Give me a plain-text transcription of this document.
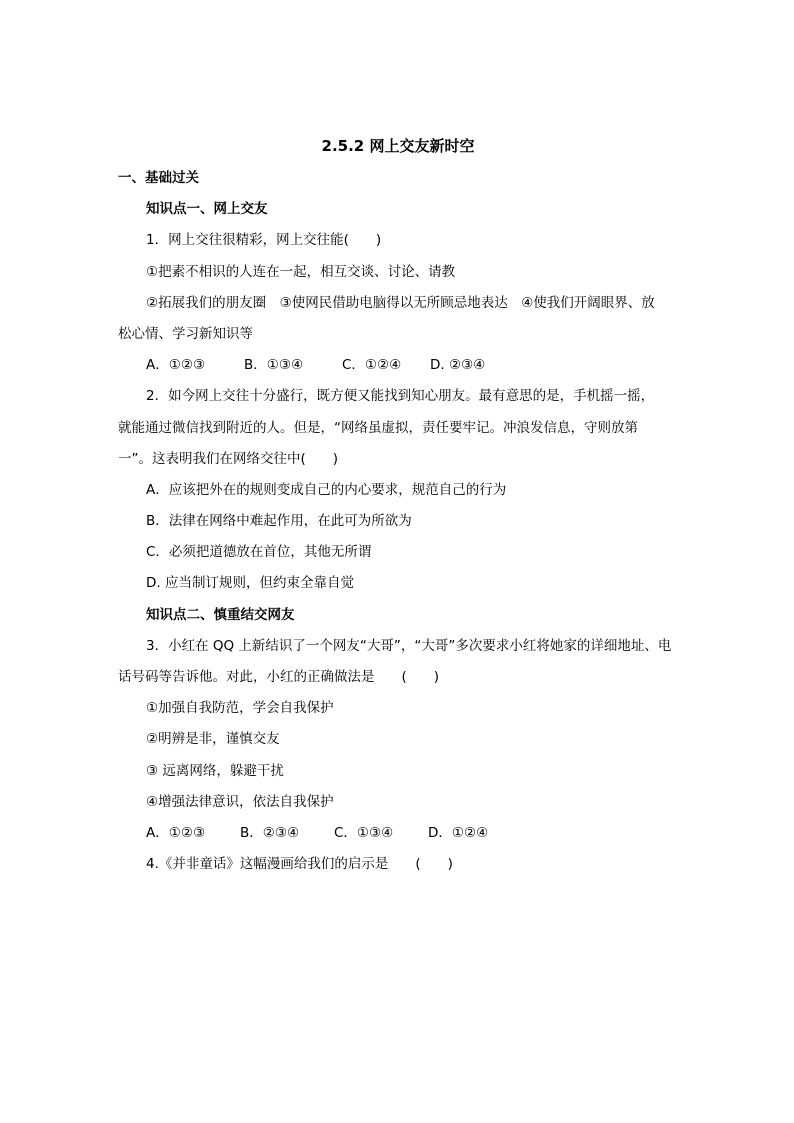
2.5.2 网上交友新时空
一、基础过关
知识点一、网上交友
1．网上交往很精彩，网上交往能(　　)
①把素不相识的人连在一起，相互交谈、讨论、请教
②拓展我们的朋友圈　③使网民借助电脑得以无所顾忌地表达　④使我们开阔眼界、放
松心情、学习新知识等
A．①②③	B．①③④	C．①②④ D. ②③④
2．如今网上交往十分盛行，既方便又能找到知心朋友。最有意思的是，手机摇一摇，
就能通过微信找到附近的人。但是，“网络虽虚拟，责任要牢记。冲浪发信息，守则放第
一”。这表明我们在网络交往中(　　)
A．应该把外在的规则变成自己的内心要求，规范自己的行为
B．法律在网络中难起作用，在此可为所欲为
C．必须把道德放在首位，其他无所谓
D. 应当制订规则，但约束全靠自觉
知识点二、慎重结交网友
3．小红在 QQ 上新结识了一个网友“大哥”，“大哥”多次要求小红将她家的详细地址、电
话号码等告诉他。对此，小红的正确做法是　　(　　)
①加强自我防范，学会自我保护
②明辨是非，谨慎交友
③ 远离网络，躲避干扰
④增强法律意识，依法自我保护
A．①②③	B．②③④	C．①③④	D．①②④
4.《并非童话》这幅漫画给我们的启示是　　(　　)
